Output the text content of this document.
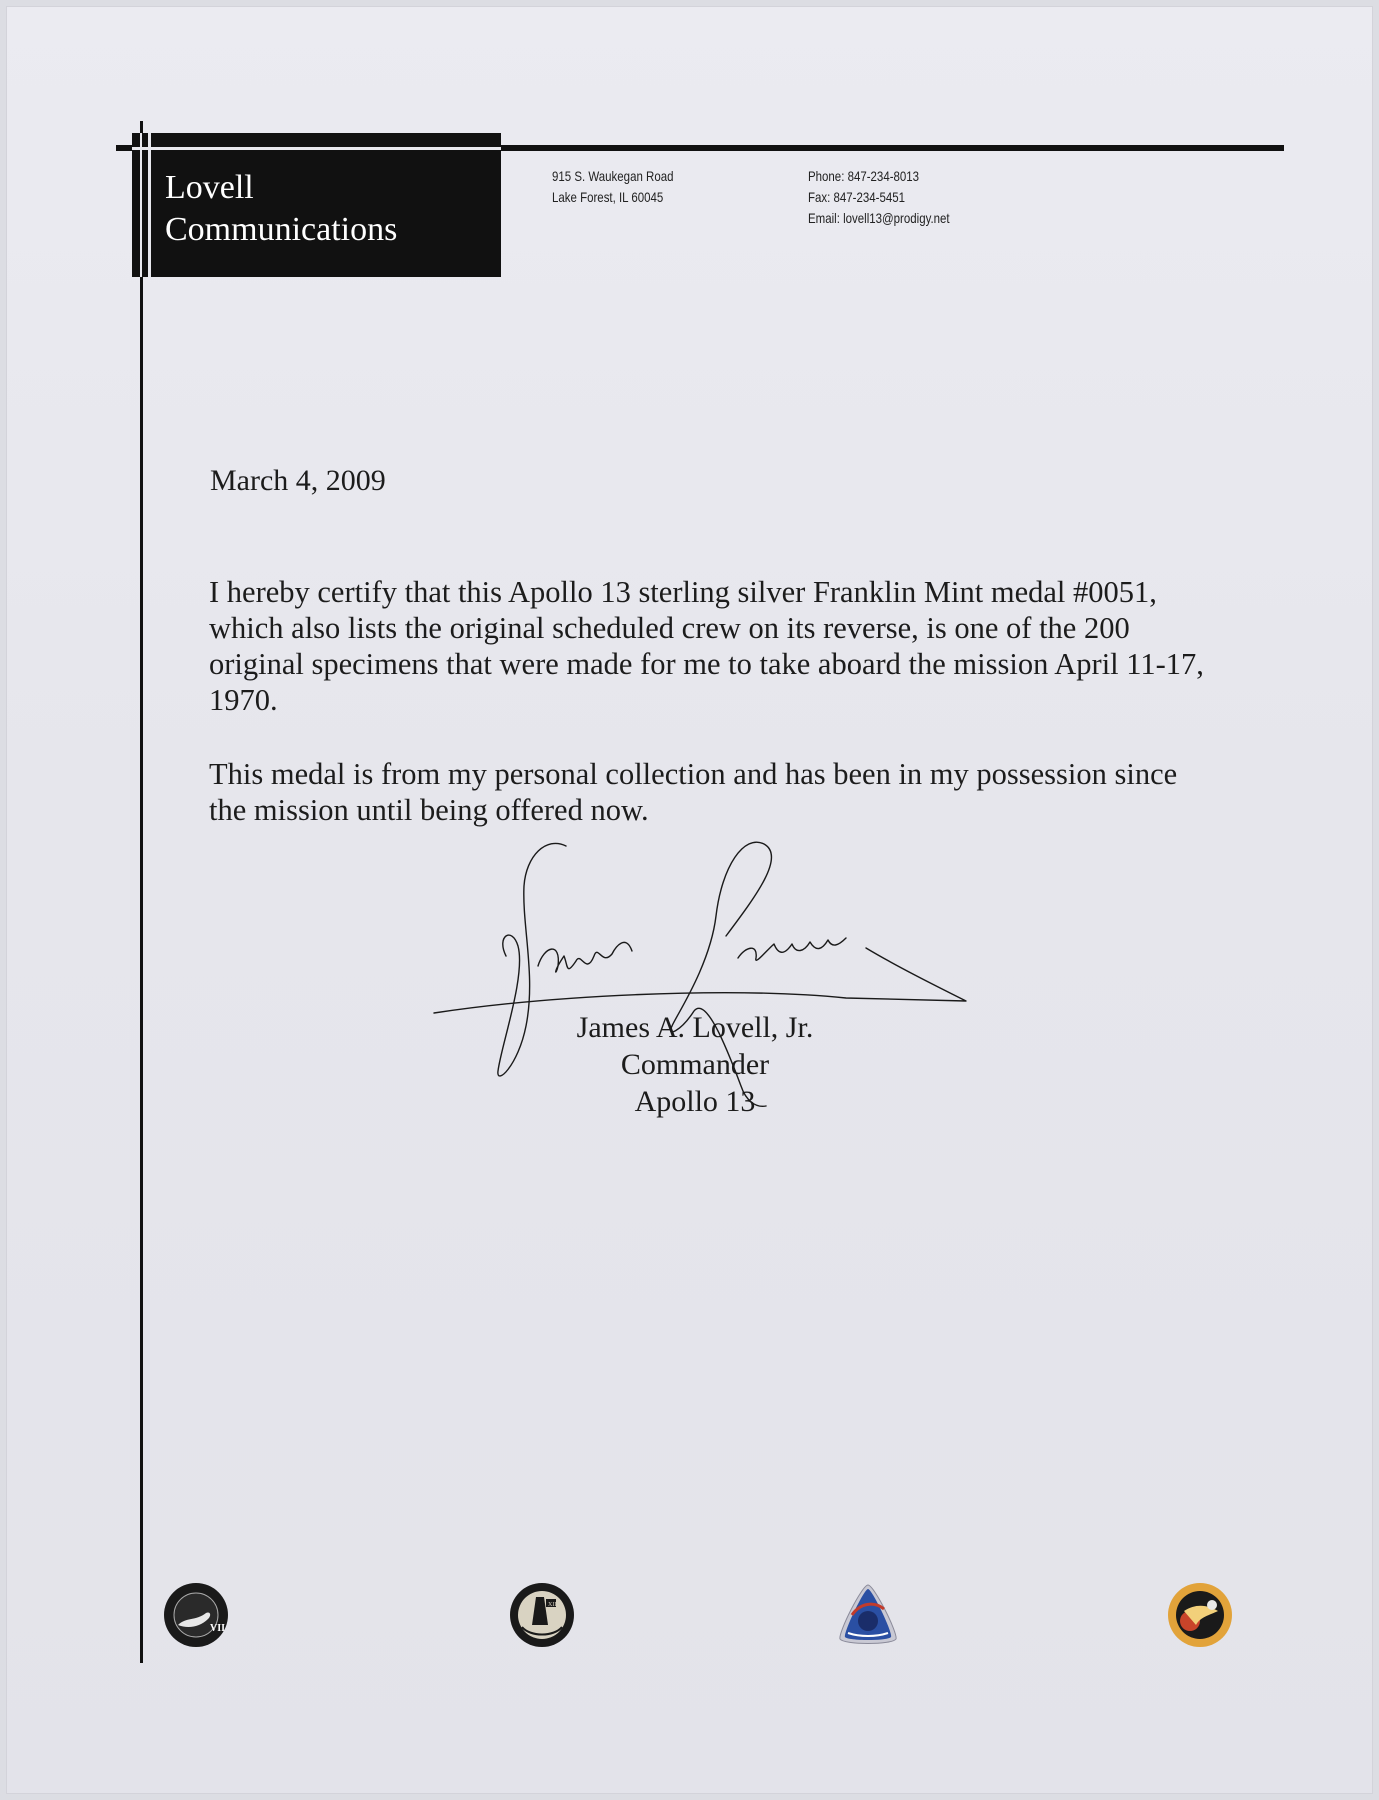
Lovell
Communications
915 S. Waukegan Road
Lake Forest, IL 60045
Phone: 847-234-8013
Fax: 847-234-5451
Email: lovell13@prodigy.net
March 4, 2009

I hereby certify that this Apollo 13 sterling silver Franklin Mint medal #0051, which also lists the original scheduled crew on its reverse, is one of the 200 original specimens that were made for me to take aboard the mission April 11-17, 1970.

This medal is from my personal collection and has been in my possession since the mission until being offered now.

James A. Lovell, Jr.
Commander
Apollo 13
VII
XII
